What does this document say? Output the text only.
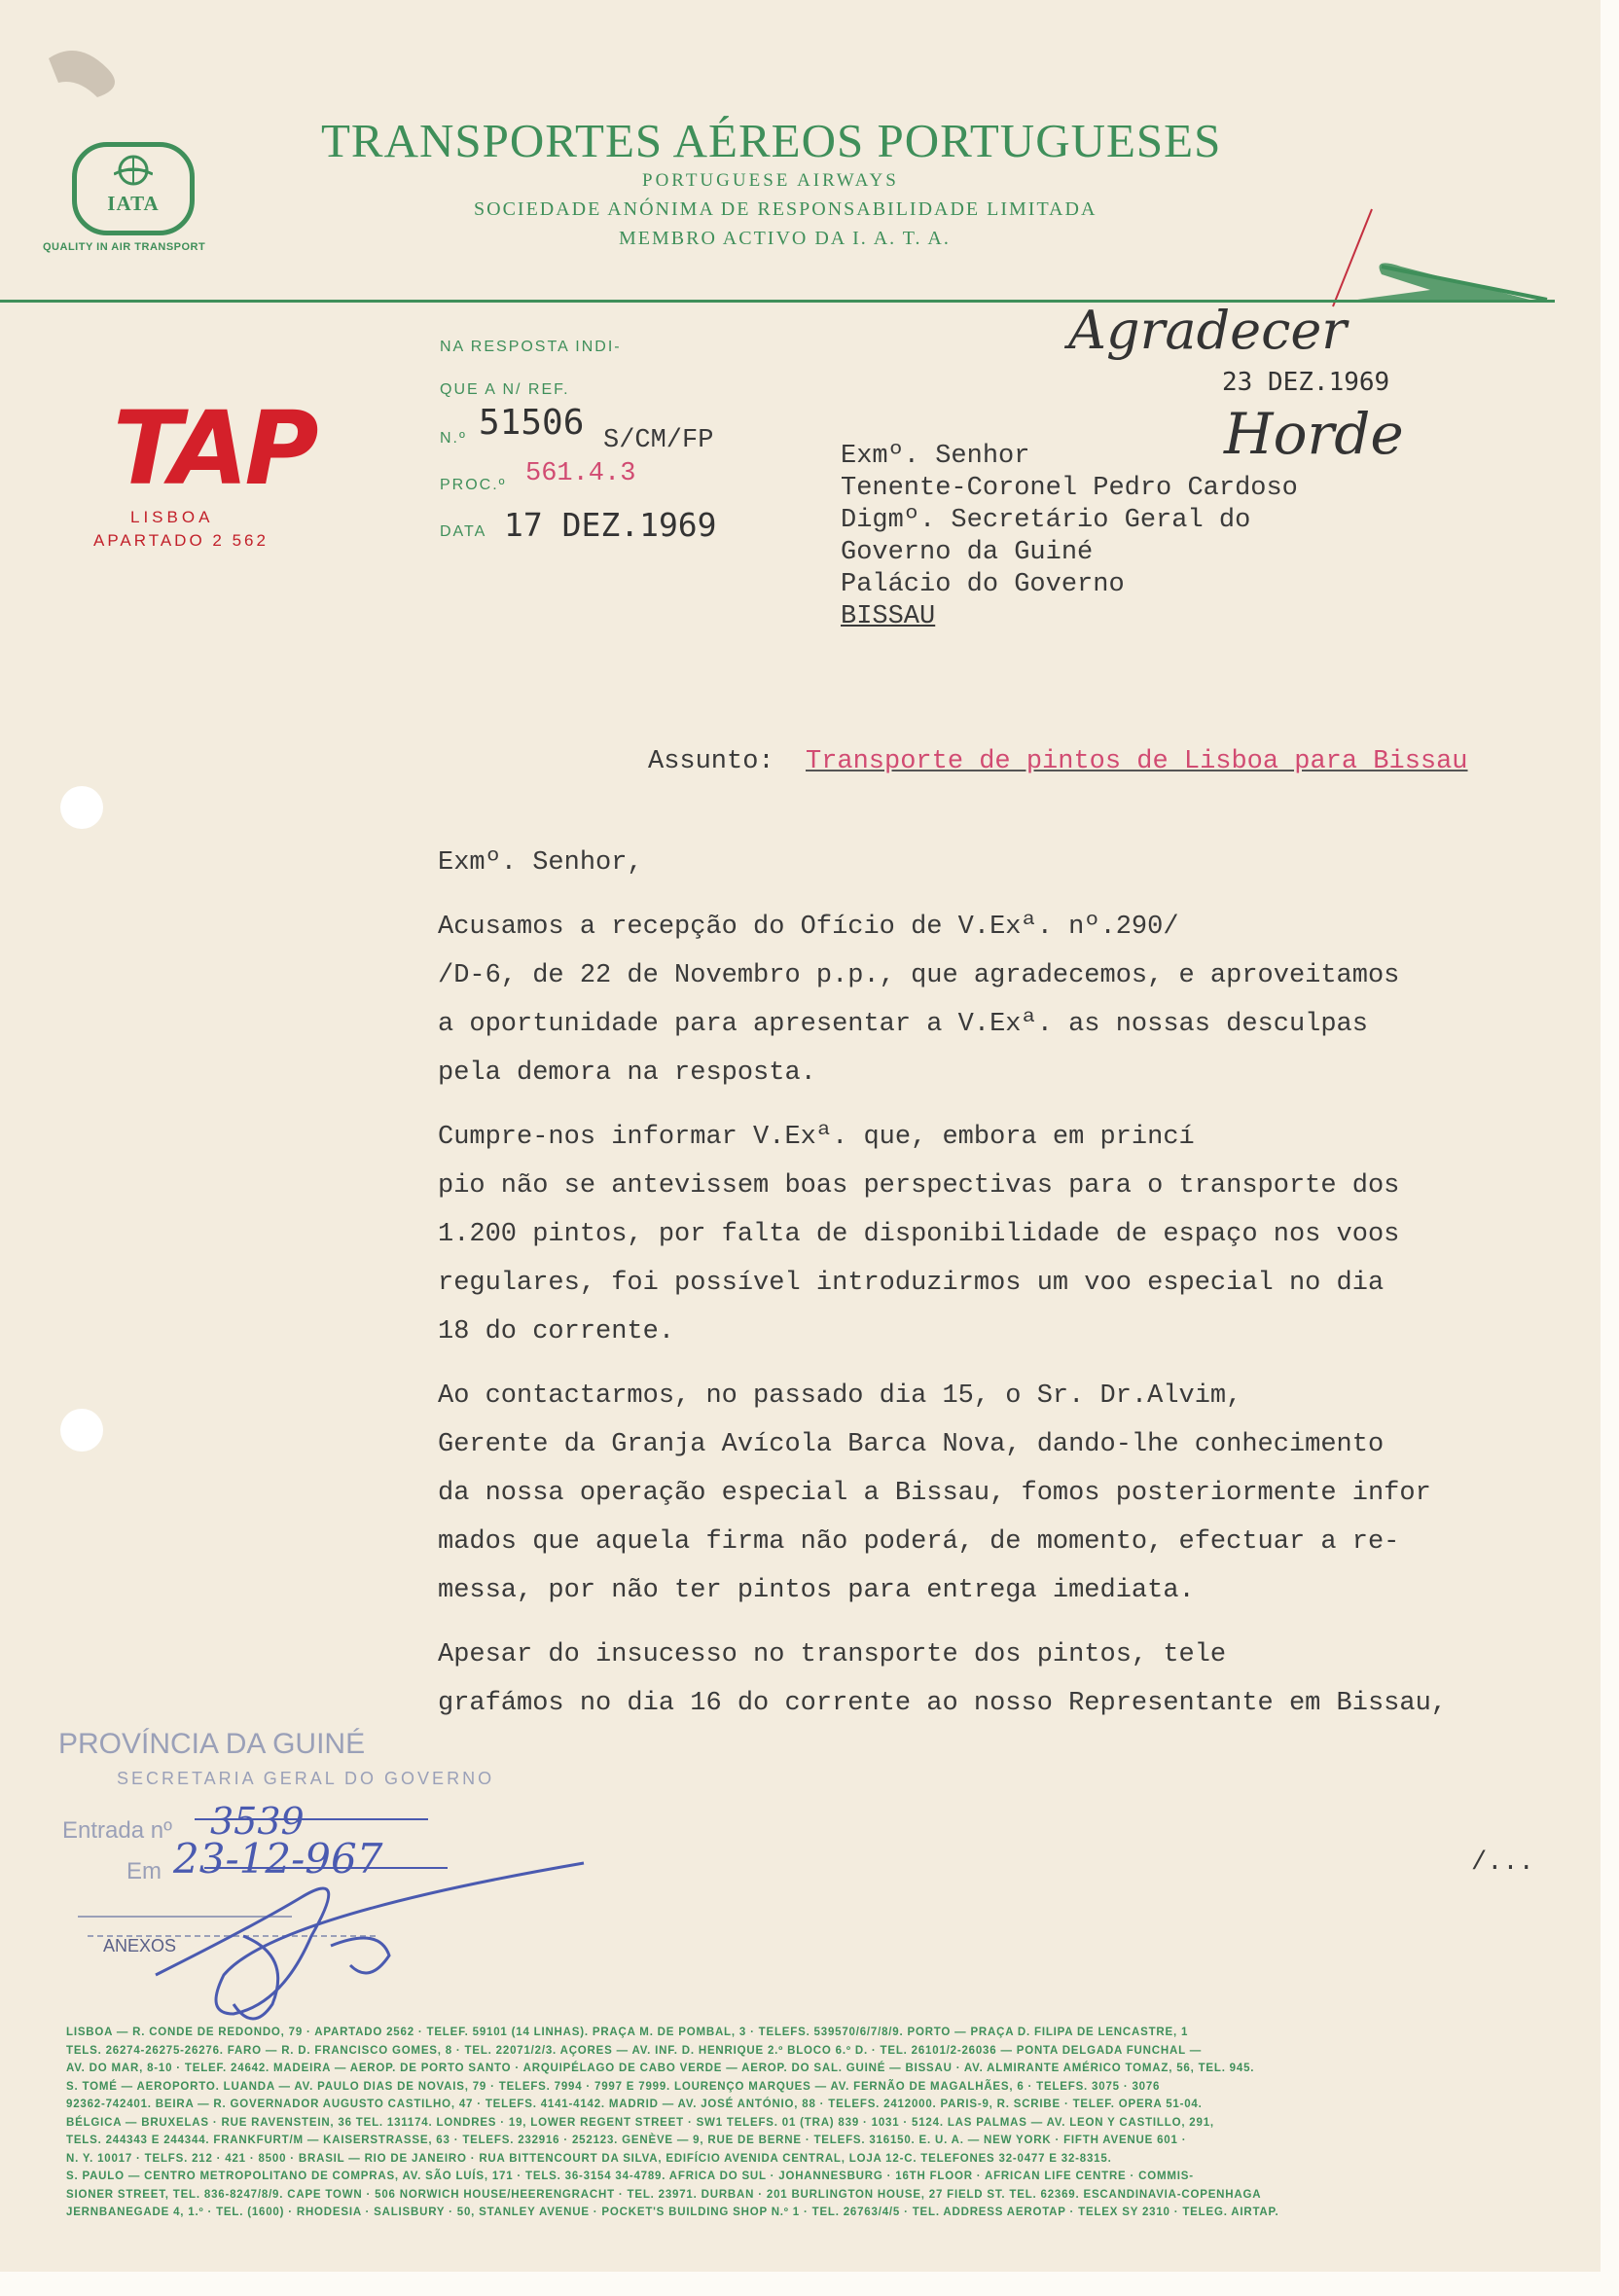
IATA
QUALITY IN AIR TRANSPORT
TRANSPORTES AÉREOS PORTUGUESES
PORTUGUESE AIRWAYS
SOCIEDADE ANÓNIMA DE RESPONSABILIDADE LIMITADA
MEMBRO ACTIVO DA I. A. T. A.
TAP
LISBOA
APARTADO 2 562
NA RESPOSTA INDI-
QUE A N/ REF.
N.º 51506 S/CM/FP
PROC.º 561.4.3
DATA 17 DEZ.1969
Agradecer
23 DEZ.1969
Horde
Exmº. Senhor
Tenente-Coronel Pedro Cardoso
Digmº. Secretário Geral do
Governo da Guiné
Palácio do Governo
BISSAU
Assunto: Transporte de pintos de Lisboa para Bissau
Exmº. Senhor,
Acusamos a recepção do Ofício de V.Exª. nº.290/
/D-6, de 22 de Novembro p.p., que agradecemos, e aproveitamos
a oportunidade para apresentar a V.Exª. as nossas desculpas
pela demora na resposta.
Cumpre-nos informar V.Exª. que, embora em princí
pio não se antevissem boas perspectivas para o transporte dos
1.200 pintos, por falta de disponibilidade de espaço nos voos
regulares, foi possível introduzirmos um voo especial no dia
18 do corrente.
Ao contactarmos, no passado dia 15, o Sr. Dr.Alvim,
Gerente da Granja Avícola Barca Nova, dando-lhe conhecimento
da nossa operação especial a Bissau, fomos posteriormente infor
mados que aquela firma não poderá, de momento, efectuar a re-
messa, por não ter pintos para entrega imediata.
Apesar do insucesso no transporte dos pintos, tele
grafámos no dia 16 do corrente ao nosso Representante em Bissau,
/...
PROVÍNCIA DA GUINÉ
SECRETARIA GERAL DO GOVERNO
Entrada nº 3539
Em 23-12-967
ANEXOS
LISBOA — R. CONDE DE REDONDO, 79 · APARTADO 2562 · TELEF. 59101 (14 LINHAS). PRAÇA M. DE POMBAL, 3 · TELEFS. 539570/6/7/8/9. PORTO — PRAÇA D. FILIPA DE LENCASTRE, 1
TELS. 26274-26275-26276. FARO — R. D. FRANCISCO GOMES, 8 · TEL. 22071/2/3. AÇORES — AV. INF. D. HENRIQUE 2.º BLOCO 6.º D. · TEL. 26101/2-26036 — PONTA DELGADA FUNCHAL —
AV. DO MAR, 8-10 · TELEF. 24642. MADEIRA — AEROP. DE PORTO SANTO · ARQUIPÉLAGO DE CABO VERDE — AEROP. DO SAL. GUINÉ — BISSAU · AV. ALMIRANTE AMÉRICO TOMAZ, 56, TEL. 945.
S. TOMÉ — AEROPORTO. LUANDA — AV. PAULO DIAS DE NOVAIS, 79 · TELEFS. 7994 · 7997 E 7999. LOURENÇO MARQUES — AV. FERNÃO DE MAGALHÃES, 6 · TELEFS. 3075 · 3076
92362-742401. BEIRA — R. GOVERNADOR AUGUSTO CASTILHO, 47 · TELEFS. 4141-4142. MADRID — AV. JOSÉ ANTÓNIO, 88 · TELEFS. 2412000. PARIS-9, R. SCRIBE · TELEF. OPERA 51-04.
BÉLGICA — BRUXELAS · RUE RAVENSTEIN, 36 TEL. 131174. LONDRES · 19, LOWER REGENT STREET · SW1 TELEFS. 01 (TRA) 839 · 1031 · 5124. LAS PALMAS — AV. LEON Y CASTILLO, 291,
TELS. 244343 E 244344. FRANKFURT/M — KAISERSTRASSE, 63 · TELEFS. 232916 · 252123. GENÈVE — 9, RUE DE BERNE · TELEFS. 316150. E. U. A. — NEW YORK · FIFTH AVENUE 601 ·
N. Y. 10017 · TELFS. 212 · 421 · 8500 · BRASIL — RIO DE JANEIRO · RUA BITTENCOURT DA SILVA, EDIFÍCIO AVENIDA CENTRAL, LOJA 12-C. TELEFONES 32-0477 E 32-8315.
S. PAULO — CENTRO METROPOLITANO DE COMPRAS, AV. SÃO LUÍS, 171 · TELS. 36-3154 34-4789. AFRICA DO SUL · JOHANNESBURG · 16TH FLOOR · AFRICAN LIFE CENTRE · COMMIS-
SIONER STREET, TEL. 836-8247/8/9. CAPE TOWN · 506 NORWICH HOUSE/HEERENGRACHT · TEL. 23971. DURBAN · 201 BURLINGTON HOUSE, 27 FIELD ST. TEL. 62369. ESCANDINAVIA-COPENHAGA
JERNBANEGADE 4, 1.º · TEL. (1600) · RHODESIA · SALISBURY · 50, STANLEY AVENUE · POCKET'S BUILDING SHOP N.º 1 · TEL. 26763/4/5 · TEL. ADDRESS AEROTAP · TELEX SY 2310 · TELEG. AIRTAP.
